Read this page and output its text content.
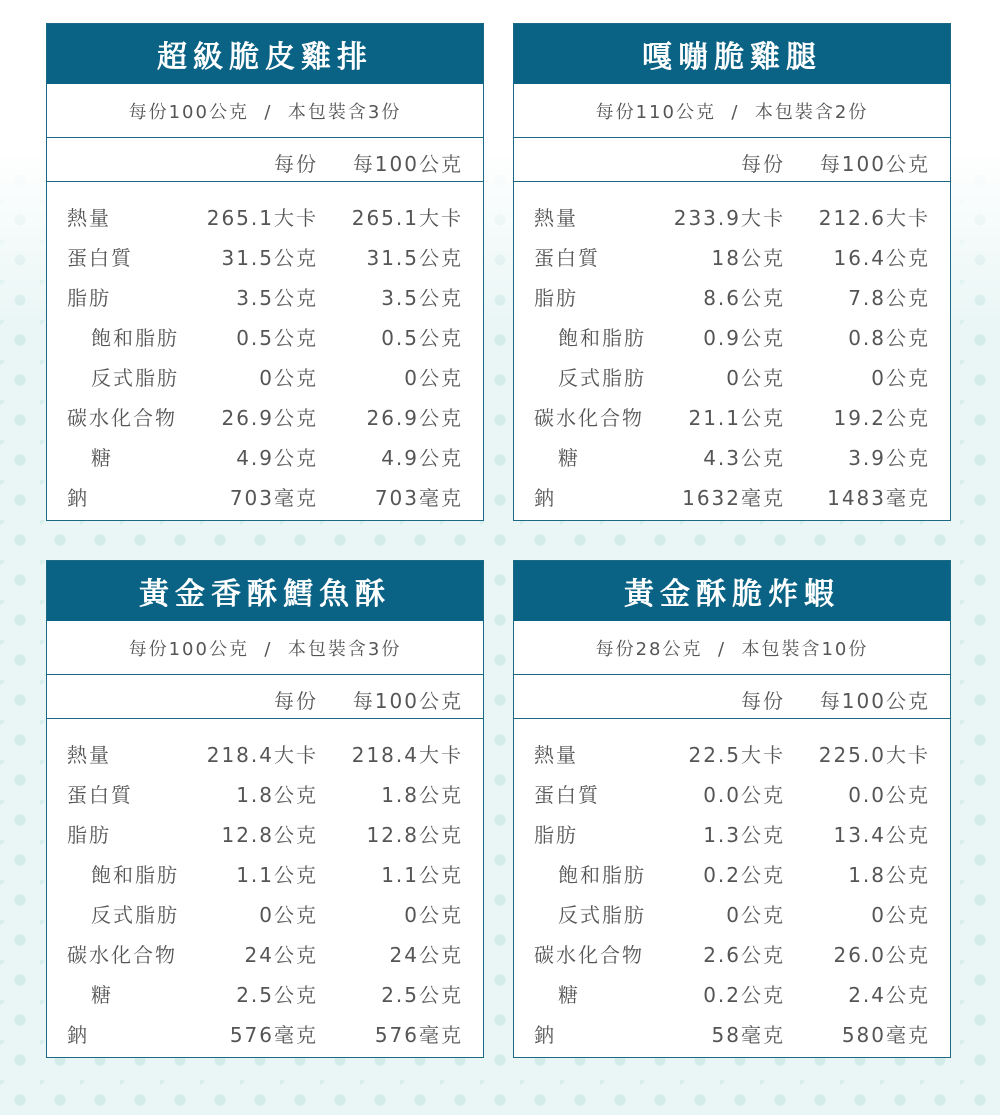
超級脆皮雞排
每份100公克  /  本包裝含3份
每份 每100公克
熱量	265.1大卡 265.1大卡
蛋白質	31.5公克 31.5公克
脂肪	3.5公克	3.5公克
飽和脂肪	0.5公克	0.5公克
反式脂肪	0公克	0公克
碳水化合物 26.9公克 26.9公克
糖	4.9公克	4.9公克
鈉	703毫克	703毫克
嘎嘣脆雞腿
每份110公克  /  本包裝含2份
每份 每100公克
熱量	233.9大卡 212.6大卡
蛋白質	18公克 16.4公克
脂肪	8.6公克	7.8公克
飽和脂肪	0.9公克	0.8公克
反式脂肪	0公克	0公克
碳水化合物 21.1公克 19.2公克
糖	4.3公克	3.9公克
鈉	1632毫克 1483毫克
黃金香酥鱈魚酥
每份100公克  /  本包裝含3份
每份 每100公克
熱量	218.4大卡 218.4大卡
蛋白質	1.8公克	1.8公克
脂肪	12.8公克 12.8公克
飽和脂肪	1.1公克	1.1公克
反式脂肪	0公克	0公克
碳水化合物	24公克	24公克
糖	2.5公克	2.5公克
鈉	576毫克	576毫克
黃金酥脆炸蝦
每份28公克  /  本包裝含10份
每份 每100公克
熱量	22.5大卡 225.0大卡
蛋白質	0.0公克	0.0公克
脂肪	1.3公克 13.4公克
飽和脂肪	0.2公克	1.8公克
反式脂肪	0公克	0公克
碳水化合物	2.6公克 26.0公克
糖	0.2公克	2.4公克
鈉	58毫克	580毫克
